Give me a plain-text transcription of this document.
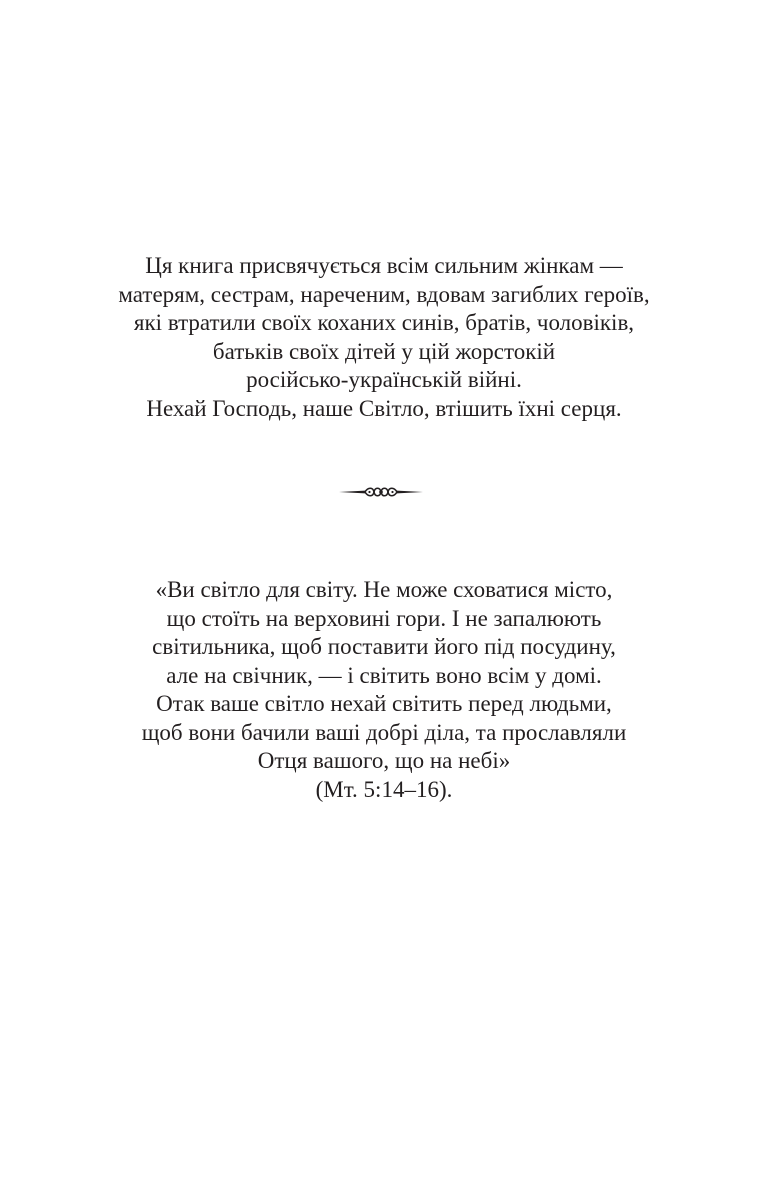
Ця книга присвячується всім сильним жінкам —
матерям, сестрам, нареченим, вдовам загиблих героїв,
які втратили своїх коханих синів, братів, чоловіків,
батьків своїх дітей у цій жорстокій
російсько-українській війні.
Нехай Господь, наше Світло, втішить їхні серця.
«Ви світло для світу. Не може сховатися місто,
що стоїть на верховині гори. І не запалюють
світильника, щоб поставити його під посудину,
але на свічник, — і світить воно всім у домі.
Отак ваше світло нехай світить перед людьми,
щоб вони бачили ваші добрі діла, та прославляли
Отця вашого, що на небі»
(Мт. 5:14–16).
